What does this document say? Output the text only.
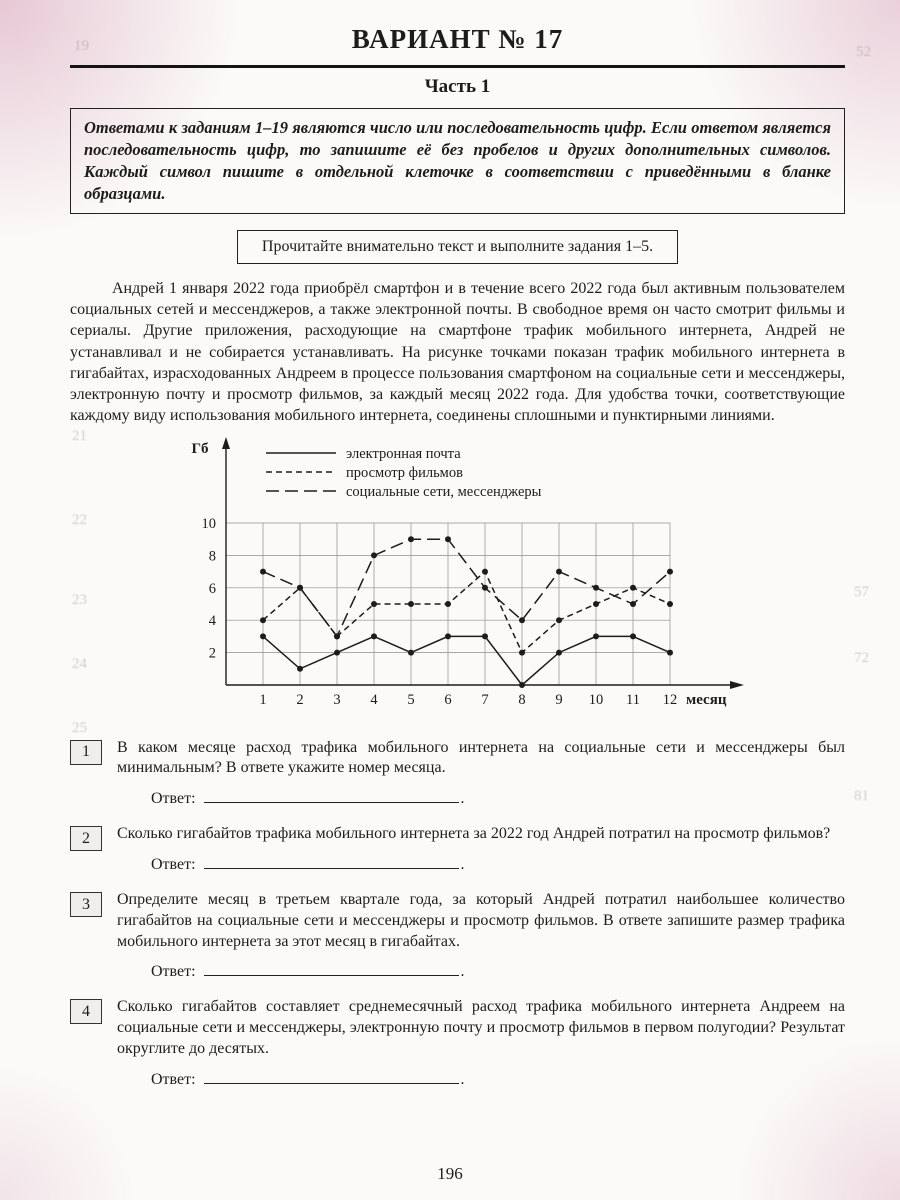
19	52
21
22
23
24
25
57
72
81
ВАРИАНТ № 17
Часть 1

Ответами к заданиям 1–19 являются число или последовательность цифр. Если ответом является последовательность цифр, то запишите её без пробелов и других дополнительных символов. Каждый символ пишите в отдельной клеточке в соответствии с приведёнными в бланке образцами.

Прочитайте внимательно текст и выполните задания 1–5.

Андрей 1 января 2022 года приобрёл смартфон и в течение всего 2022 года был активным пользователем социальных сетей и мессенджеров, а также электронной почты. В свободное время он часто смотрит фильмы и сериалы. Другие приложения, расходующие на смартфоне трафик мобильного интернета, Андрей не устанавливал и не собирается устанавливать. На рисунке точками показан трафик мобильного интернета в гигабайтах, израсходованных Андреем в процессе пользования смартфоном на социальные сети и мессенджеры, электронную почту и просмотр фильмов, за каждый месяц 2022 года. Для удобства точки, соответствующие каждому виду использования мобильного интернета, соединены сплошными и пунктирными линиями.

2
4
6
8
10
1 2 3 4 5 6 7 8 9 10 11 12
Гб
месяц
электронная почта
просмотр фильмов
социальные сети, мессенджеры
1	В каком месяце расход трафика мобильного интернета на социальные сети и мессенджеры был минимальным? В ответе укажите номер месяца.

Ответ:	.

2	Сколько гигабайтов трафика мобильного интернета за 2022 год Андрей потратил на просмотр фильмов?

Ответ:	.

3	Определите месяц в третьем квартале года, за который Андрей потратил наибольшее количество гигабайтов на социальные сети и мессенджеры и просмотр фильмов. В ответе запишите размер трафика мобильного интернета за этот месяц в гигабайтах.

Ответ:	.

4	Сколько гигабайтов составляет среднемесячный расход трафика мобильного интернета Андреем на социальные сети и мессенджеры, электронную почту и просмотр фильмов в первом полугодии? Результат округлите до десятых.

Ответ:	.

196
